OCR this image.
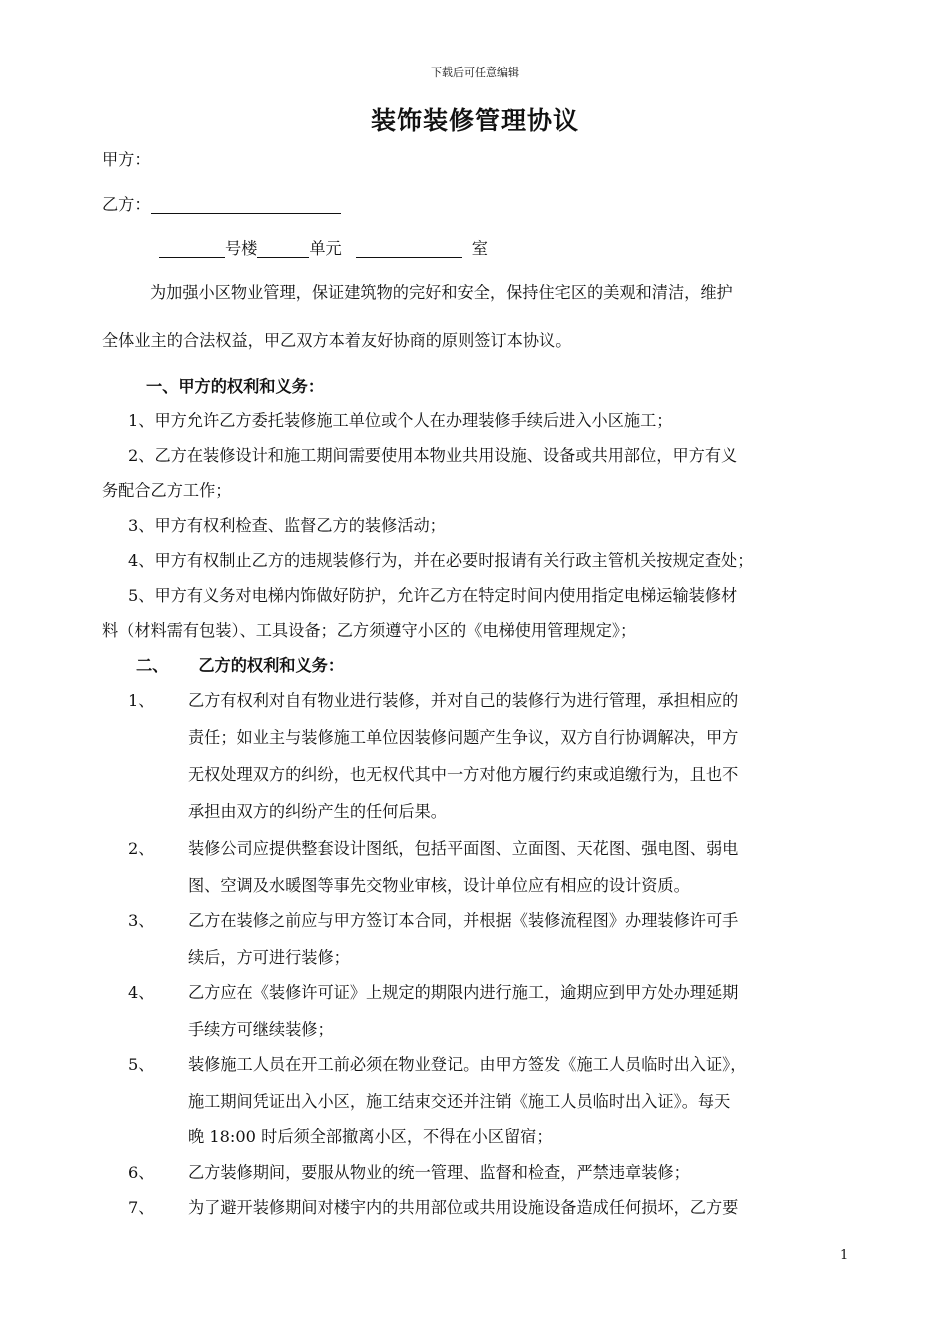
下载后可任意编辑
装饰装修管理协议
甲方：
乙方：
号楼	单元	室
为加强小区物业管理，保证建筑物的完好和安全，保持住宅区的美观和清洁，维护
全体业主的合法权益，甲乙双方本着友好协商的原则签订本协议。
一、甲方的权利和义务：
1、甲方允许乙方委托装修施工单位或个人在办理装修手续后进入小区施工；
2、乙方在装修设计和施工期间需要使用本物业共用设施、设备或共用部位，甲方有义
务配合乙方工作；
3、甲方有权利检查、监督乙方的装修活动；
4、甲方有权制止乙方的违规装修行为，并在必要时报请有关行政主管机关按规定查处；
5、甲方有义务对电梯内饰做好防护，允许乙方在特定时间内使用指定电梯运输装修材
料（材料需有包装）、工具设备；乙方须遵守小区的《电梯使用管理规定》；
二、 乙方的权利和义务：
1、 乙方有权利对自有物业进行装修，并对自己的装修行为进行管理，承担相应的
责任；如业主与装修施工单位因装修问题产生争议，双方自行协调解决，甲方
无权处理双方的纠纷，也无权代其中一方对他方履行约束或追缴行为，且也不
承担由双方的纠纷产生的任何后果。
2、 装修公司应提供整套设计图纸，包括平面图、立面图、天花图、强电图、弱电
图、空调及水暖图等事先交物业审核，设计单位应有相应的设计资质。
3、 乙方在装修之前应与甲方签订本合同，并根据《装修流程图》办理装修许可手
续后，方可进行装修；
4、 乙方应在《装修许可证》上规定的期限内进行施工，逾期应到甲方处办理延期
手续方可继续装修；
5、 装修施工人员在开工前必须在物业登记。由甲方签发《施工人员临时出入证》，
施工期间凭证出入小区，施工结束交还并注销《施工人员临时出入证》。每天
晚 18:00 时后须全部撤离小区，不得在小区留宿；
6、 乙方装修期间，要服从物业的统一管理、监督和检查，严禁违章装修；
7、 为了避开装修期间对楼宇内的共用部位或共用设施设备造成任何损坏，乙方要
1
